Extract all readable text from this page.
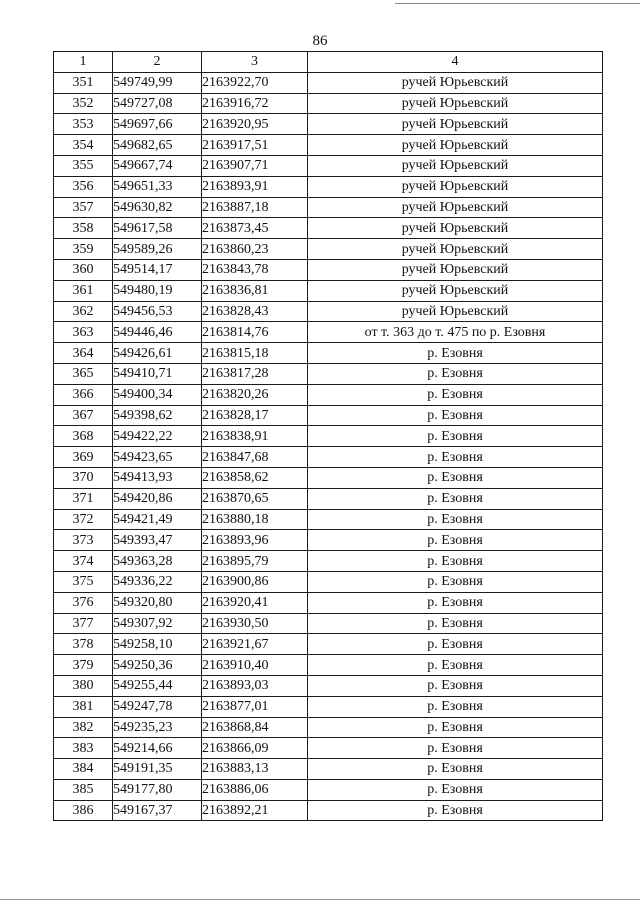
86
1	2	3	4
351	549749,99	2163922,70	ручей Юрьевский
352	549727,08	2163916,72	ручей Юрьевский
353	549697,66	2163920,95	ручей Юрьевский
354	549682,65	2163917,51	ручей Юрьевский
355	549667,74	2163907,71	ручей Юрьевский
356	549651,33	2163893,91	ручей Юрьевский
357	549630,82	2163887,18	ручей Юрьевский
358	549617,58	2163873,45	ручей Юрьевский
359	549589,26	2163860,23	ручей Юрьевский
360	549514,17	2163843,78	ручей Юрьевский
361	549480,19	2163836,81	ручей Юрьевский
362	549456,53	2163828,43	ручей Юрьевский
363	549446,46	2163814,76	от т. 363 до т. 475 по р. Езовня
364	549426,61	2163815,18	р. Езовня
365	549410,71	2163817,28	р. Езовня
366	549400,34	2163820,26	р. Езовня
367	549398,62	2163828,17	р. Езовня
368	549422,22	2163838,91	р. Езовня
369	549423,65	2163847,68	р. Езовня
370	549413,93	2163858,62	р. Езовня
371	549420,86	2163870,65	р. Езовня
372	549421,49	2163880,18	р. Езовня
373	549393,47	2163893,96	р. Езовня
374	549363,28	2163895,79	р. Езовня
375	549336,22	2163900,86	р. Езовня
376	549320,80	2163920,41	р. Езовня
377	549307,92	2163930,50	р. Езовня
378	549258,10	2163921,67	р. Езовня
379	549250,36	2163910,40	р. Езовня
380	549255,44	2163893,03	р. Езовня
381	549247,78	2163877,01	р. Езовня
382	549235,23	2163868,84	р. Езовня
383	549214,66	2163866,09	р. Езовня
384	549191,35	2163883,13	р. Езовня
385	549177,80	2163886,06	р. Езовня
386	549167,37	2163892,21	р. Езовня
